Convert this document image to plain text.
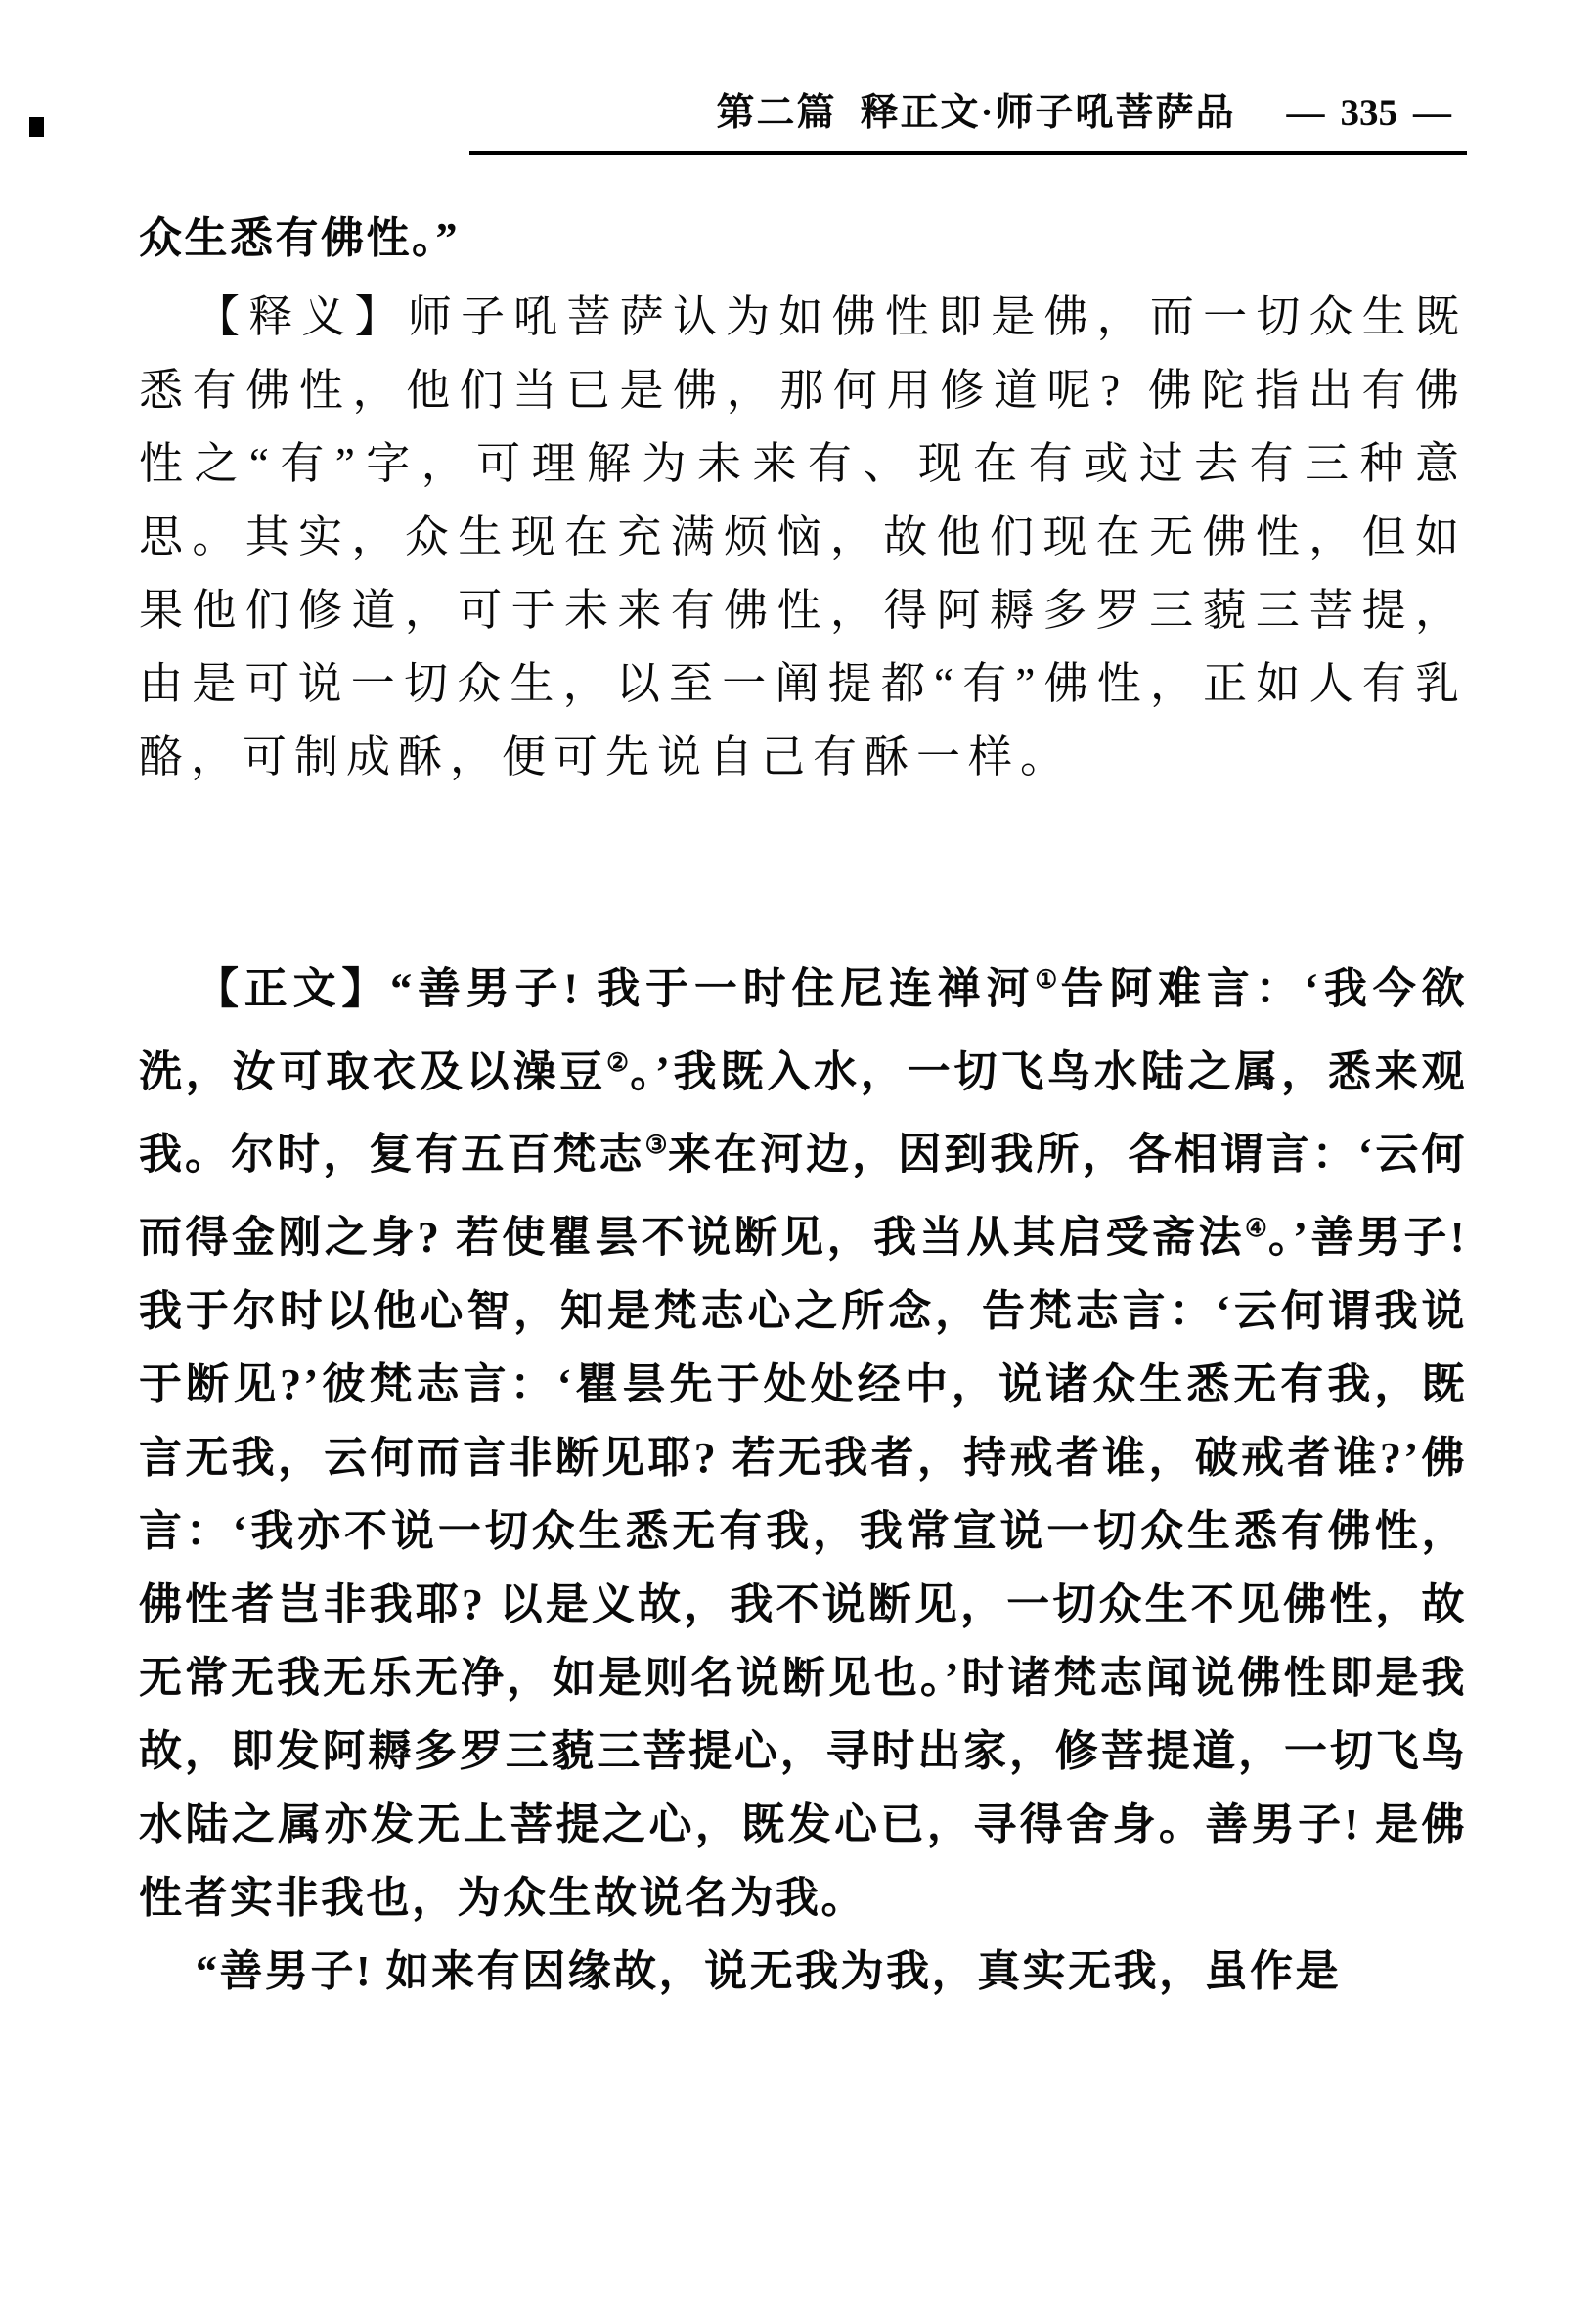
第二篇 释正文·师子吼菩萨品 — 335 —

众生悉有佛性。”

【释义】师子吼菩萨认为如佛性即是佛，而一切众生既悉有佛性，他们当已是佛，那何用修道呢? 佛陀指出有佛性之“有”字，可理解为未来有、现在有或过去有三种意思。其实，众生现在充满烦恼，故他们现在无佛性，但如果他们修道，可于未来有佛性，得阿耨多罗三藐三菩提，由是可说一切众生，以至一阐提都“有”佛性，正如人有乳酪，可制成酥，便可先说自己有酥一样。

【正文】“善男子! 我于一时住尼连禅河①告阿难言：‘我今欲洗，汝可取衣及以澡豆②。’我既入水，一切飞鸟水陆之属，悉来观我。尔时，复有五百梵志③来在河边，因到我所，各相谓言：‘云何而得金刚之身? 若使瞿昙不说断见，我当从其启受斋法④。’善男子! 我于尔时以他心智，知是梵志心之所念，告梵志言：‘云何谓我说于断见?’彼梵志言：‘瞿昙先于处处经中，说诸众生悉无有我，既言无我，云何而言非断见耶? 若无我者，持戒者谁，破戒者谁?’佛言：‘我亦不说一切众生悉无有我，我常宣说一切众生悉有佛性，佛性者岂非我耶? 以是义故，我不说断见，一切众生不见佛性，故无常无我无乐无净，如是则名说断见也。’时诸梵志闻说佛性即是我故，即发阿耨多罗三藐三菩提心，寻时出家，修菩提道，一切飞鸟水陆之属亦发无上菩提之心，既发心已，寻得舍身。善男子! 是佛性者实非我也，为众生故说名为我。

“善男子! 如来有因缘故，说无我为我，真实无我，虽作是
